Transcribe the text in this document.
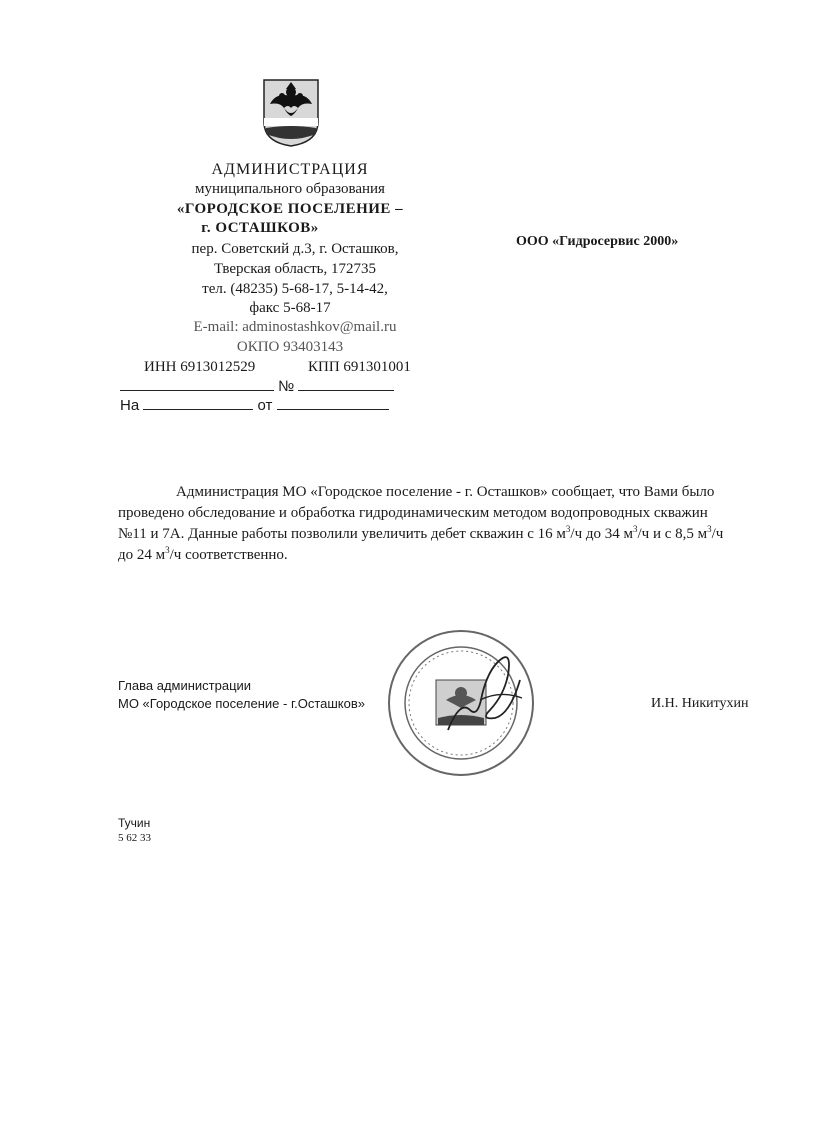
АДМИНИСТРАЦИЯ
муниципального образования
«ГОРОДСКОЕ ПОСЕЛЕНИЕ –
г. ОСТАШКОВ»
пер. Советский д.3, г. Осташков,
Тверская область, 172735
тел. (48235) 5-68-17, 5-14-42,
факс 5-68-17
E-mail: adminostashkov@mail.ru
ОКПО 93403143
ИНН 6913012529	КПП 691301001
№
На	от
ООО «Гидросервис 2000»
Администрация МО «Городское поселение - г. Осташков» сообщает, что Вами было
проведено обследование и обработка гидродинамическим методом водопроводных скважин
№11 и 7А. Данные работы позволили увеличить дебет скважин с 16 $м^3/ч$ до 34 $м^3/ч$ и с 8,5 $м^3/ч$
до 24 $м^3/ч$ соответственно.
Глава администрации
МО «Городское поселение - г.Осташков»	И.Н. Никитухин
Тучин
5 62 33
